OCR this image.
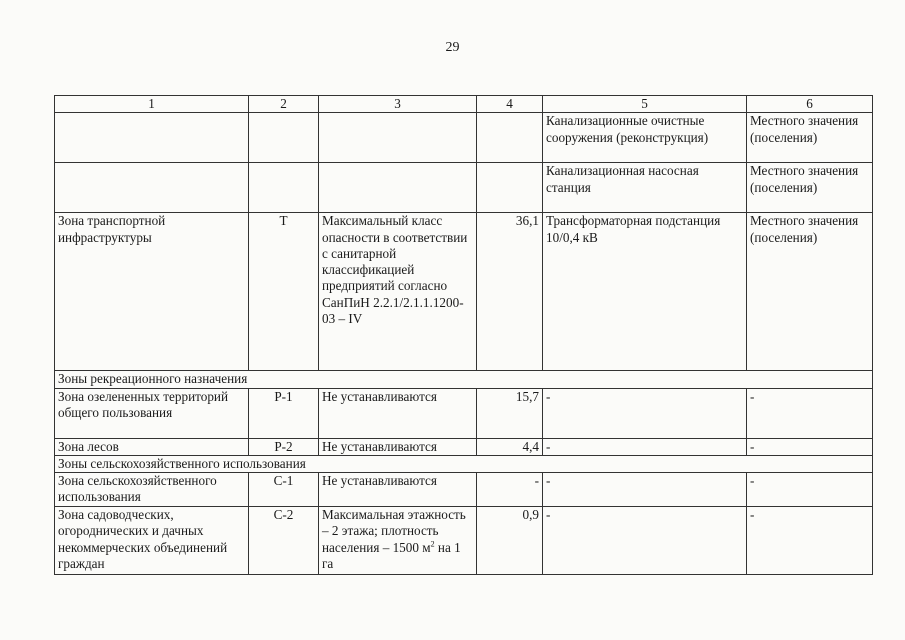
29
1	2	3	4	5	6
				Канализационные очистные сооружения (реконструкция)	Местного значения (поселения)
				Канализационная насосная станция	Местного значения (поселения)
Зона транспортной инфраструктуры	Т	Максимальный класс опасности в соответствии с санитарной классификацией предприятий согласно СанПиН 2.2.1/2.1.1.1200-03 – IV	36,1	Трансформаторная подстанция 10/0,4 кВ	Местного значения (поселения)
Зоны рекреационного назначения					
Зона озелененных территорий общего пользования	Р-1	Не устанавливаются	15,7	-	-
Зона лесов	Р-2	Не устанавливаются	4,4	-	-
Зоны сельскохозяйственного использования					
Зона сельскохозяйственного использования	С-1	Не устанавливаются	-	-	-
Зона садоводческих, огороднических и дачных некоммерческих объединений граждан	С-2	Максимальная этажность – 2 этажа; плотность населения – 1500 $м^2$ на 1 га	0,9	-	-
